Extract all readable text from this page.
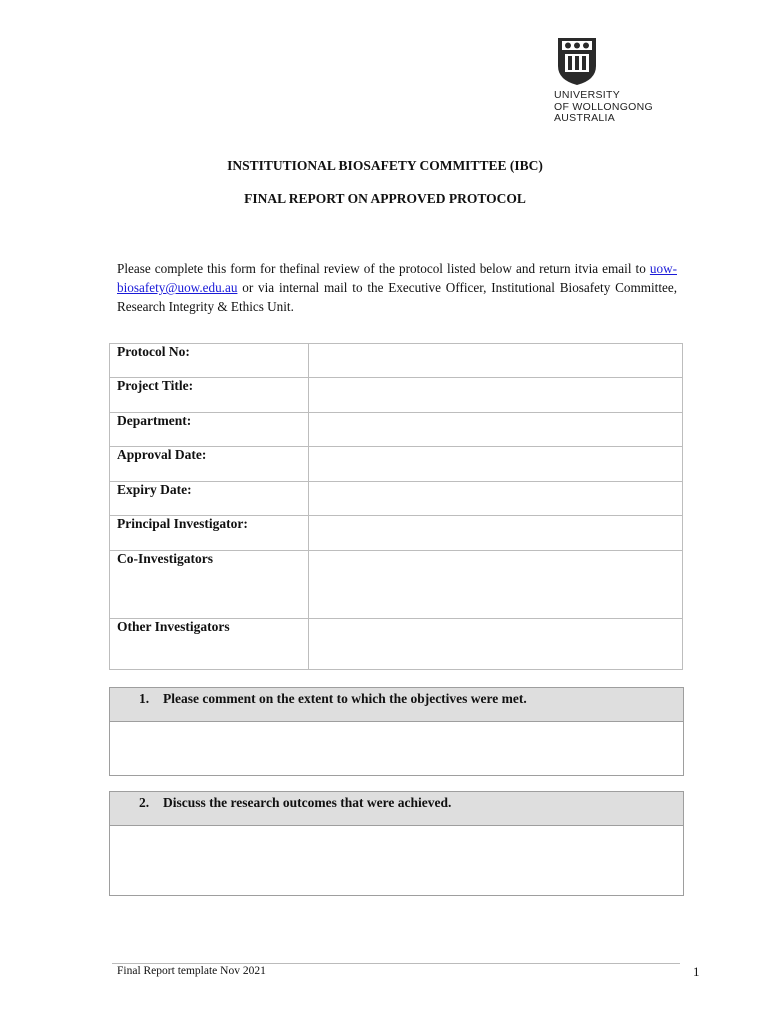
UNIVERSITY
OF WOLLONGONG
AUSTRALIA
INSTITUTIONAL BIOSAFETY COMMITTEE (IBC)
FINAL REPORT ON APPROVED PROTOCOL
Please complete this form for thefinal review of the protocol listed below and return itvia email to uow-biosafety@uow.edu.au or via internal mail to the Executive Officer, Institutional Biosafety Committee, Research Integrity & Ethics Unit.
Protocol No:	
Project Title:	
Department:	
Approval Date:	
Expiry Date:	
Principal Investigator:	
Co-Investigators	
Other Investigators	
1. Please comment on the extent to which the objectives were met.
2. Discuss the research outcomes that were achieved.
Final Report template Nov 2021	1
